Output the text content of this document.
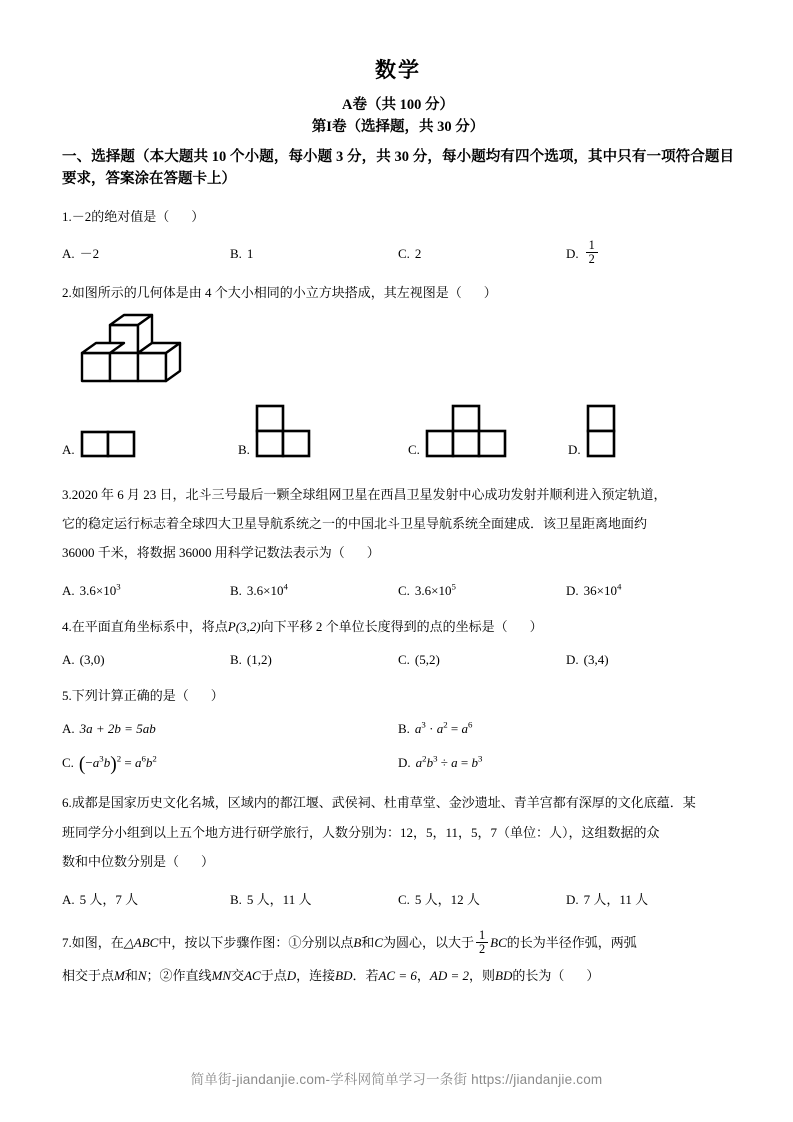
数学
A卷（共 100 分）
第I卷（选择题，共 30 分）
一、选择题（本大题共 10 个小题，每小题 3 分，共 30 分，每小题均有四个选项，其中只有一项符合题目要求，答案涂在答题卡上）
1.－2的绝对值是（ ）
A. －2	B. 1	C. 2	D. $\frac{1}{2}$
2.如图所示的几何体是由 4 个大小相同的小立方块搭成，其左视图是（ ）
A.	B.	C.	D.
3.2020 年 6 月 23 日，北斗三号最后一颗全球组网卫星在西昌卫星发射中心成功发射并顺利进入预定轨道，
它的稳定运行标志着全球四大卫星导航系统之一的中国北斗卫星导航系统全面建成．该卫星距离地面约
36000 千米，将数据 36000 用科学记数法表示为（ ）
A. $3.6\times 10^3$	B. $3.6\times 10^4$	C. $3.6\times 10^5$	D. $36\times 10^4$
4.在平面直角坐标系中，将点P(3,2)向下平移 2 个单位长度得到的点的坐标是（ ）
A. (3,0)	B. (1,2)	C. (5,2)	D. (3,4)
5.下列计算正确的是（ ）
A. 3a + 2b = 5ab	B. $a^3 \cdot a^2 = a^6$
C. $(-a^3b)^2 = a^6b^2$	D. $a^2b^3 \div a = b^3$
6.成都是国家历史文化名城，区域内的都江堰、武侯祠、杜甫草堂、金沙遗址、青羊宫都有深厚的文化底蕴．某
班同学分小组到以上五个地方进行研学旅行，人数分别为：12，5，11，5，7（单位：人），这组数据的众
数和中位数分别是（ ）
A. 5 人，7 人	B. 5 人，11 人	C. 5 人，12 人	D. 7 人，11 人
7.如图，在△ABC中，按以下步骤作图：①分别以点B和C为圆心，以大于 $\frac{1}{2}$ BC的长为半径作弧，两弧
相交于点M和N；②作直线MN交AC于点D，连接BD．若AC = 6，AD = 2，则BD的长为（ ）
简单街-jiandanjie.com-学科网简单学习一条街 https://jiandanjie.com
